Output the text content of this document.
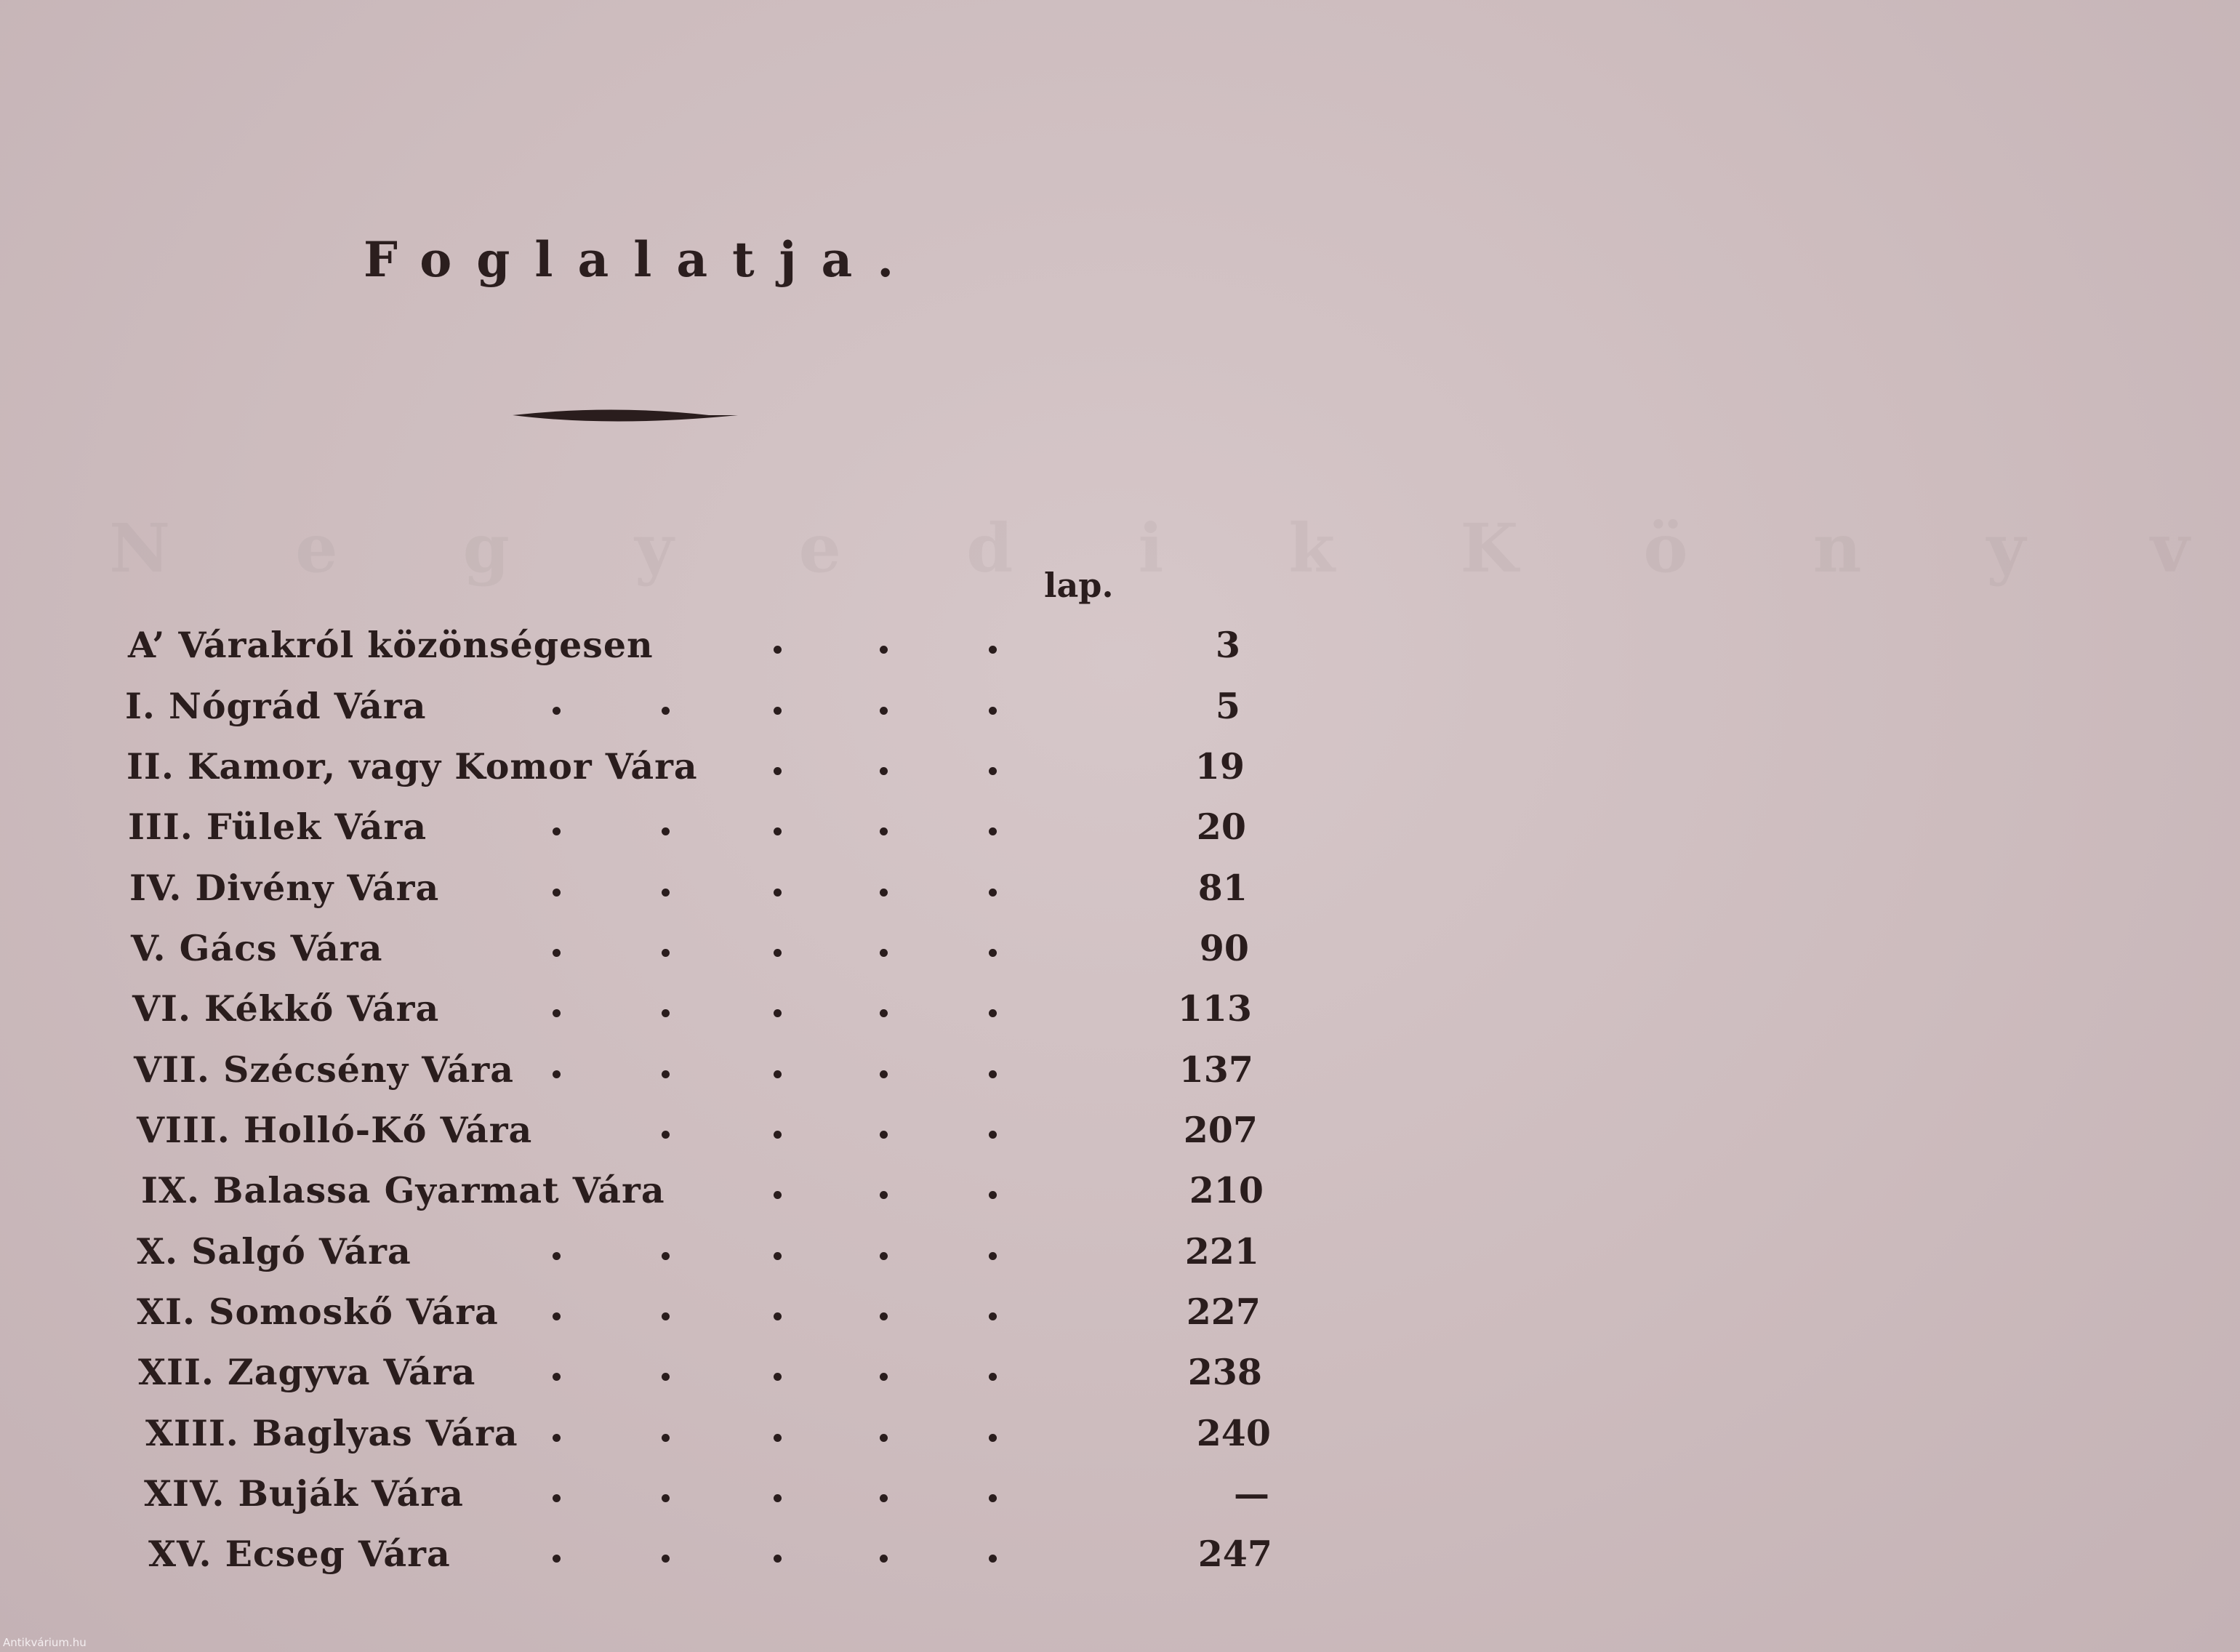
Foglalatja.
lap.
A’ Várakról közönségesen	3
I. Nógrád Vára	5
II. Kamor, vagy Komor Vára	19
III. Fülek Vára	20
IV. Divény Vára	81
V. Gács Vára	90
VI. Kékkő Vára	113
VII. Szécsény Vára	137
VIII. Holló-Kő Vára	207
IX. Balassa Gyarmat Vára	210
X. Salgó Vára	221
XI. Somoskő Vára	227
XII. Zagyva Vára	238
XIII. Baglyas Vára	240
XIV. Buják Vára	—
XV. Ecseg Vára	247
Antikvárium.hu
